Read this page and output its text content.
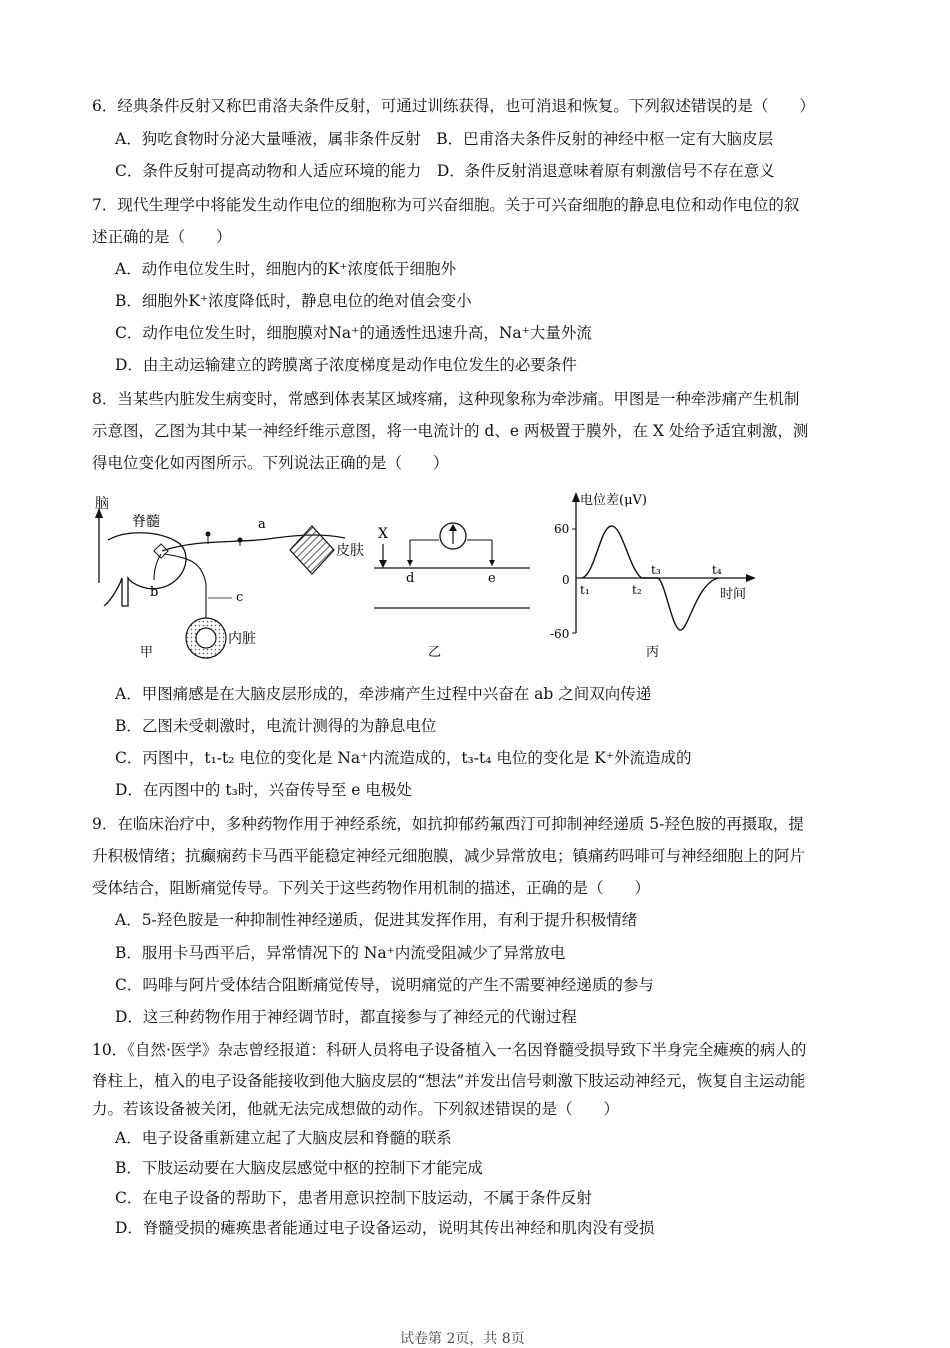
6．经典条件反射又称巴甫洛夫条件反射，可通过训练获得，也可消退和恢复。下列叙述错误的是（　　）
A．狗吃食物时分泌大量唾液，属非条件反射　B．巴甫洛夫条件反射的神经中枢一定有大脑皮层
C．条件反射可提高动物和人适应环境的能力　D．条件反射消退意味着原有刺激信号不存在意义
7．现代生理学中将能发生动作电位的细胞称为可兴奋细胞。关于可兴奋细胞的静息电位和动作电位的叙
述正确的是（　　）
A．动作电位发生时，细胞内的K⁺浓度低于细胞外
B．细胞外K⁺浓度降低时，静息电位的绝对值会变小
C．动作电位发生时，细胞膜对Na⁺的通透性迅速升高，Na⁺大量外流
D．由主动运输建立的跨膜离子浓度梯度是动作电位发生的必要条件
8．当某些内脏发生病变时，常感到体表某区域疼痛，这种现象称为牵涉痛。甲图是一种牵涉痛产生机制
示意图，乙图为其中某一神经纤维示意图，将一电流计的 d、e 两极置于膜外，在 X 处给予适宜刺激，测
得电位变化如丙图所示。下列说法正确的是（　　）
脑
脊髓	a
皮肤
b	c
内脏
甲
X
d	e
乙
电位差(μV)
时间
60
0
-60
t₁	t₂
t₃	t₄
丙
A．甲图痛感是在大脑皮层形成的，牵涉痛产生过程中兴奋在 ab 之间双向传递
B．乙图未受刺激时，电流计测得的为静息电位
C．丙图中，t₁-t₂ 电位的变化是 Na⁺内流造成的，t₃-t₄ 电位的变化是 K⁺外流造成的
D．在丙图中的 t₃时，兴奋传导至 e 电极处
9．在临床治疗中，多种药物作用于神经系统，如抗抑郁药氟西汀可抑制神经递质 5-羟色胺的再摄取，提
升积极情绪；抗癫痫药卡马西平能稳定神经元细胞膜，减少异常放电；镇痛药吗啡可与神经细胞上的阿片
受体结合，阻断痛觉传导。下列关于这些药物作用机制的描述，正确的是（　　）
A．5-羟色胺是一种抑制性神经递质，促进其发挥作用，有利于提升积极情绪
B．服用卡马西平后，异常情况下的 Na⁺内流受阻减少了异常放电
C．吗啡与阿片受体结合阻断痛觉传导，说明痛觉的产生不需要神经递质的参与
D．这三种药物作用于神经调节时，都直接参与了神经元的代谢过程
10．《自然·医学》杂志曾经报道：科研人员将电子设备植入一名因脊髓受损导致下半身完全瘫痪的病人的
脊柱上，植入的电子设备能接收到他大脑皮层的“想法”并发出信号刺激下肢运动神经元，恢复自主运动能
力。若该设备被关闭，他就无法完成想做的动作。下列叙述错误的是（　　）
A．电子设备重新建立起了大脑皮层和脊髓的联系
B．下肢运动要在大脑皮层感觉中枢的控制下才能完成
C．在电子设备的帮助下，患者用意识控制下肢运动，不属于条件反射
D．脊髓受损的瘫痪患者能通过电子设备运动，说明其传出神经和肌肉没有受损
试卷第 2页，共 8页
